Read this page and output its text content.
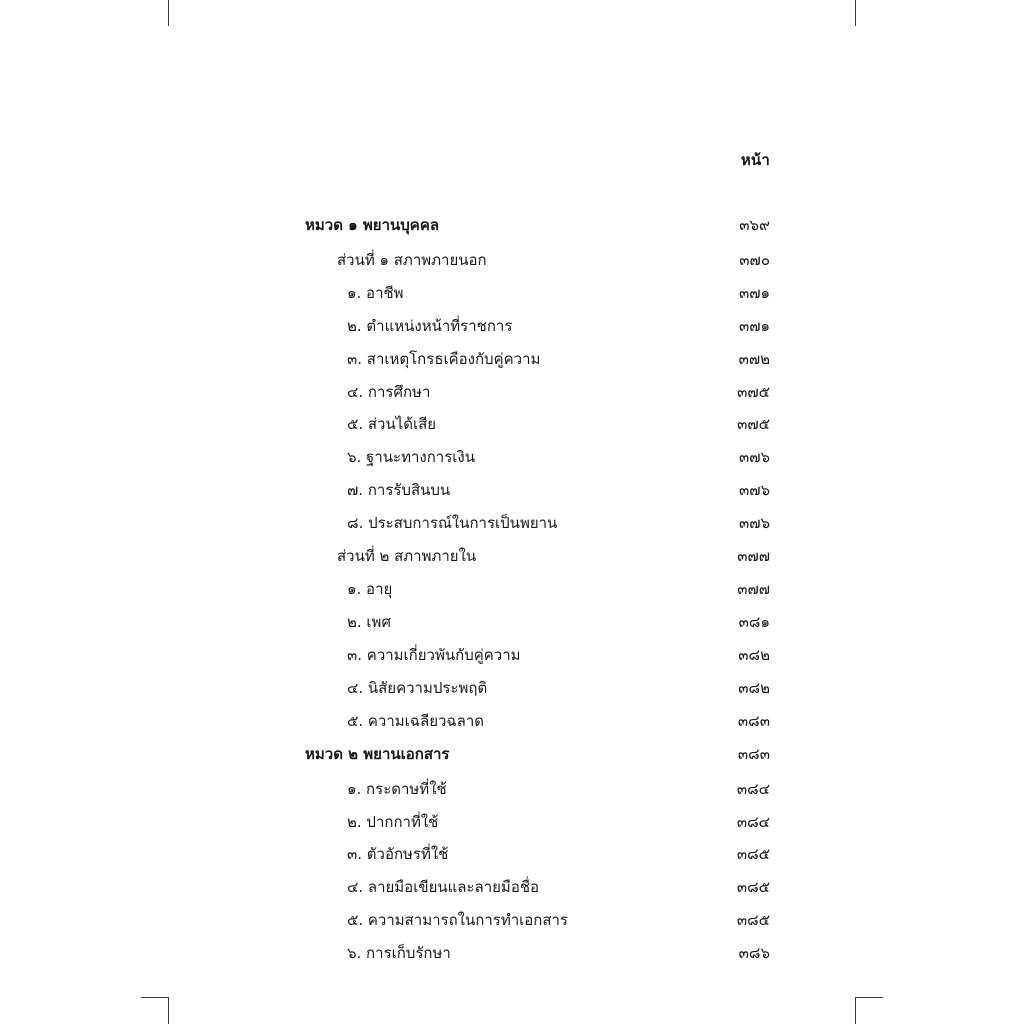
หน้า
หมวด ๑ พยานบุคคล	๓๖๙
ส่วนที่ ๑ สภาพภายนอก	๓๗๐
๑. อาชีพ	๓๗๑
๒. ตำแหน่งหน้าที่ราชการ	๓๗๑
๓. สาเหตุโกรธเคืองกับคู่ความ	๓๗๒
๔. การศึกษา	๓๗๕
๕. ส่วนได้เสีย	๓๗๕
๖. ฐานะทางการเงิน	๓๗๖
๗. การรับสินบน	๓๗๖
๘. ประสบการณ์ในการเป็นพยาน	๓๗๖
ส่วนที่ ๒ สภาพภายใน	๓๗๗
๑. อายุ	๓๗๗
๒. เพศ	๓๘๑
๓. ความเกี่ยวพันกับคู่ความ	๓๘๒
๔. นิสัยความประพฤติ	๓๘๒
๕. ความเฉลียวฉลาด	๓๘๓
หมวด ๒ พยานเอกสาร	๓๘๓
๑. กระดาษที่ใช้	๓๘๔
๒. ปากกาที่ใช้	๓๘๔
๓. ตัวอักษรที่ใช้	๓๘๕
๔. ลายมือเขียนและลายมือชื่อ	๓๘๕
๕. ความสามารถในการทำเอกสาร	๓๘๕
๖. การเก็บรักษา	๓๘๖
